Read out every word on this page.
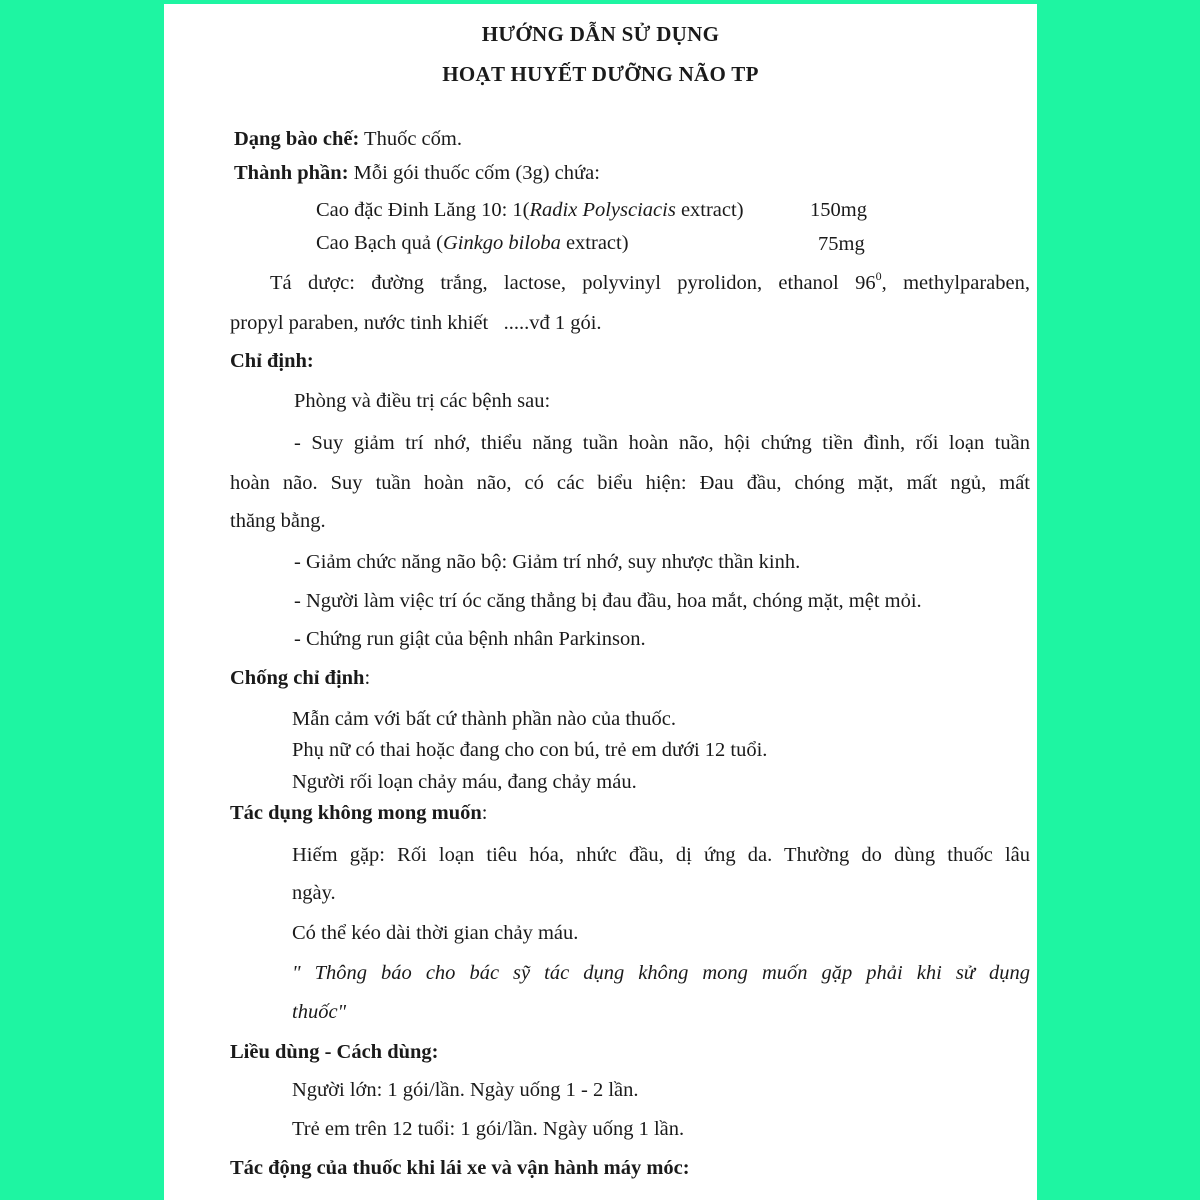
HƯỚNG DẪN SỬ DỤNG
HOẠT HUYẾT DƯỠNG NÃO TP
Dạng bào chế: Thuốc cốm.
Thành phần: Mỗi gói thuốc cốm (3g) chứa:
Cao đặc Đinh Lăng 10: 1(Radix Polysciacis extract)	150mg
Cao Bạch quả (Ginkgo biloba extract)	75mg
Tá dược: đường trắng, lactose, polyvinyl pyrolidon, ethanol $96^0$, methylparaben,
propyl paraben, nước tinh khiết   .....vđ 1 gói.
Chỉ định:
Phòng và điều trị các bệnh sau:
- Suy giảm trí nhớ, thiểu năng tuần hoàn não, hội chứng tiền đình, rối loạn tuần
hoàn não. Suy tuần hoàn não, có các biểu hiện: Đau đầu, chóng mặt, mất ngủ, mất
thăng bằng.
- Giảm chức năng não bộ: Giảm trí nhớ, suy nhược thần kinh.
- Người làm việc trí óc căng thẳng bị đau đầu, hoa mắt, chóng mặt, mệt mỏi.
- Chứng run giật của bệnh nhân Parkinson.
Chống chỉ định:
Mẫn cảm với bất cứ thành phần nào của thuốc.
Phụ nữ có thai hoặc đang cho con bú, trẻ em dưới 12 tuổi.
Người rối loạn chảy máu, đang chảy máu.
Tác dụng không mong muốn:
Hiếm gặp: Rối loạn tiêu hóa, nhức đầu, dị ứng da. Thường do dùng thuốc lâu
ngày.
Có thể kéo dài thời gian chảy máu.
" Thông báo cho bác sỹ tác dụng không mong muốn gặp phải khi sử dụng
thuốc"
Liều dùng - Cách dùng:
Người lớn: 1 gói/lần. Ngày uống 1 - 2 lần.
Trẻ em trên 12 tuổi: 1 gói/lần. Ngày uống 1 lần.
Tác động của thuốc khi lái xe và vận hành máy móc:
